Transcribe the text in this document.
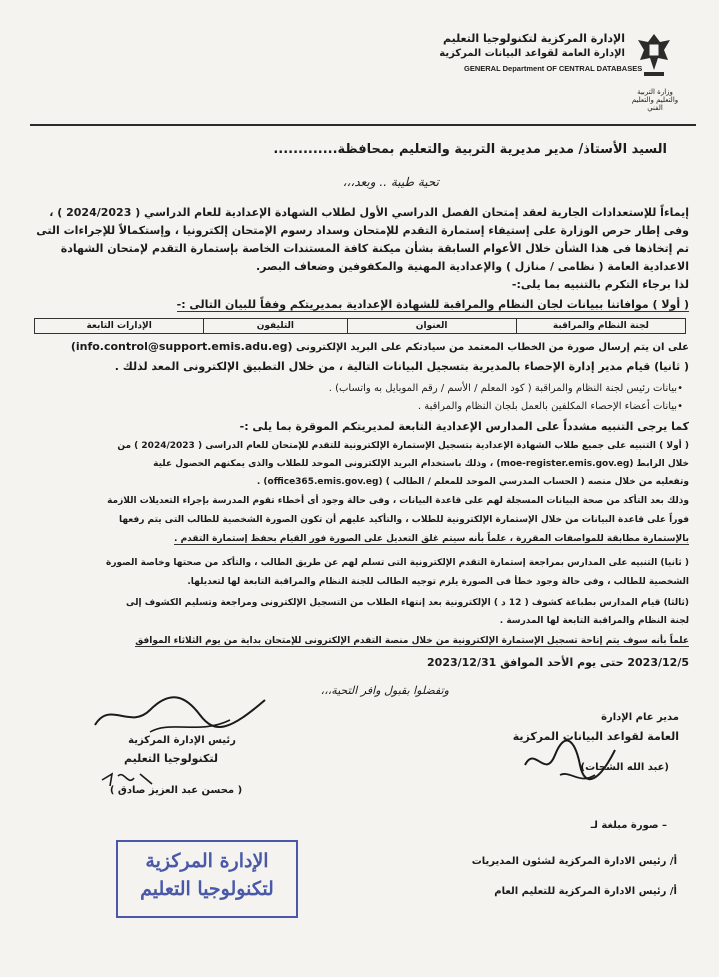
وزارة التربية والتعليم والتعليم الفني
الإدارة المركزية لتكنولوجيا التعليم
الإدارة العامة لقواعد البيانات المركزية
GENERAL Department OF CENTRAL DATABASES
السيد الأستاذ/ مدير مديرية التربية والتعليم بمحافظة.............
تحية طيبة .. وبعد،،،
إيماءاً للإستعدادات الجارية لعقد إمتحان الفصل الدراسي الأول لطلاب الشهادة الإعدادية للعام الدراسي ( 2024/2023 ) ،
وفى إطار حرص الوزارة على إستيفاء إستمارة التقدم للإمتحان وسداد رسوم الإمتحان إلكترونيا ، وإستكمالاً للإجراءات التى
تم إتخاذها فى هذا الشأن خلال الأعوام السابقة بشأن ميكنة كافة المستندات الخاصة بإستمارة التقدم لإمتحان الشهادة
الاعدادية العامة ( نظامى / منازل ) والإعدادية المهنية والمكفوفين وضعاف البصر.
لذا برجاء التكرم بالتنبيه بما يلى:-
( أولا ) موافاتنا ببيانات لجان النظام والمراقبة للشهادة الإعدادية بمديريتكم وفقاً للبيان التالى :-
لجنة النظام والمراقبة	العنوان	التليفون	الإدارات التابعة
على ان يتم إرسال صورة من الخطاب المعتمد من سيادتكم على البريد الإلكترونى (info.control@support.emis.adu.eg)
( ثانيا) قيام مدير إدارة الإحصاء بالمديرية بتسجيل البيانات التالية ، من خلال التطبيق الإلكترونى المعد لذلك .
•بيانات رئيس لجنة النظام والمراقبة ( كود المعلم / الأسم / رقم الموبايل به واتساب) .
•بيانات أعضاء الإحصاء المكلفين بالعمل بلجان النظام والمراقبة .
كما يرجى التنبيه مشدداً على المدارس الإعدادية التابعة لمديريتكم الموقرة بما يلى :-
( أولا ) التنبيه على جميع طلاب الشهادة الإعدادية بتسجيل الإستمارة الإلكترونية للتقدم للإمتحان للعام الدراسى ( 2024/2023 ) من
خلال الرابط (moe-register.emis.gov.eg) ، وذلك باستخدام البريد الإلكترونى الموحد للطلاب والذى يمكنهم الحصول علية
وتفعليه من خلال منصه ( الحساب المدرسي الموحد للمعلم / الطالب ) (office365.emis.gov.eg) .
وذلك بعد التأكد من صحة البيانات المسجلة لهم على قاعدة البيانات ، وفى حالة وجود أى أخطاء تقوم المدرسة بإجراء التعديلات اللازمة
فوراً على قاعدة البيانات من خلال الإستمارة الإلكترونية للطلاب ، والتأكيد عليهم أن تكون الصورة الشخصية للطالب التى يتم رفعها
بالإستمارة مطابقة للمواصفات المقررة ، علماً بأنه سيتم غلق التعديل على الصورة فور القيام بحفظ إستمارة التقدم .
( ثانيا) التنبيه على المدارس بمراجعة إستمارة التقدم الإلكترونية التى تسلم لهم عن طريق الطالب ، والتأكد من صحتها وخاصة الصورة
الشخصية للطالب ، وفى حالة وجود خطأ فى الصورة يلزم توجيه الطالب للجنة النظام والمراقبة التابعة لها لتعديلها.
(ثالثا) قيام المدارس بطباعة كشوف ( 12 د ) الإلكترونية بعد إنتهاء الطلاب من التسجيل الإلكترونى ومراجعة وتسليم الكشوف إلى
لجنة النظام والمراقبة التابعة لها المدرسة .
علماً بأنه سوف يتم إتاحة تسجيل الإستمارة الإلكترونية من خلال منصة التقدم الإلكترونى للإمتحان بداية من يوم الثلاثاء الموافق
2023/12/5 حتى يوم الأحد الموافق 2023/12/31
وتفضلوا بقبول وافر التحية،،،
مدير عام الإدارة
العامة لقواعد البيانات المركزية
(عبد الله الشحات)
رئيس الإدارة المركزية
لتكنولوجيا التعليم
( محسن عبد العزيز صادق )
– صورة مبلغة لـ
أ/ رئيس الادارة المركزية لشئون المديريات
أ/ رئيس الادارة المركزية للتعليم العام
الإدارة المركزية
لتكنولوجيا التعليم
